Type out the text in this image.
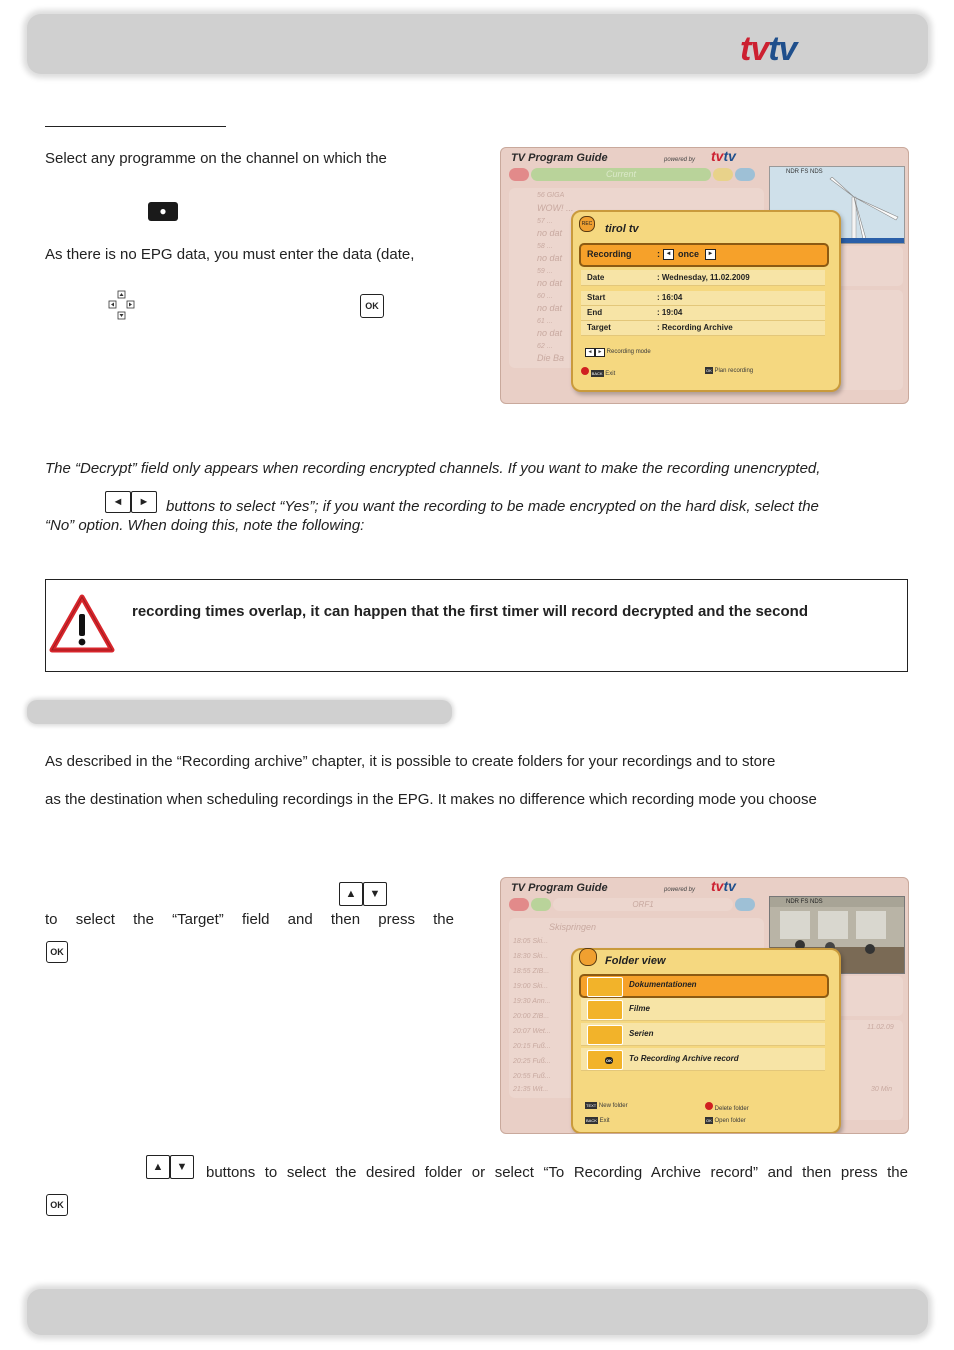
tvtv
Select any programme on the channel on which the
●
As there is no EPG data, you must enter the data (date,
OK
TV Program Guide	powered by tvtv
Current	NDR FS NDS
56 GIGA
WOW! ...
57 ...
no dat
58 ...
no dat
59 ...
no dat
60 ...
no dat
61 ...
no dat
62 ...
Die Ba
REC tirol tv
Recording	: ◄ once	►
Date	: Wednesday, 11.02.2009
Start	: 16:04
End	: 19:04
Target	: Recording Archive
◄ ► Recording mode
BACK Exit
OK Plan recording
The “Decrypt” field only appears when recording encrypted channels. If you want to make the recording unencrypted,
◄ ►	buttons to select “Yes”; if you want the recording to be made encrypted on the hard disk, select the
“No” option. When doing this, note the following:
recording times overlap, it can happen that the first timer will record decrypted and the second
As described in the “Recording archive” chapter, it is possible to create folders for your recordings and to store
as the destination when scheduling recordings in the EPG. It makes no difference which recording mode you choose
▲ ▼
to select the “Target” field and then press the
OK
TV Program Guide	powered by tvtv
ORF1	NDR FS NDS
Skispringen
18:05 Ski...
18:30 Ski...
18:55 ZIB...
19:00 Ski...
19:30 Ann...
20:00 ZIB...
20:07 Wet...
20:15 Fuß...
20:25 Fuß...
20:55 Fuß...
21:35 Wit...
11.02.09
30 Min
Folder view
Dokumentationen
Filme
Serien
OK To Recording Archive record
TEXT New folder	Delete folder
BACK Exit	OK Open folder
▲ ▼	buttons to select the desired folder or select “To Recording Archive record” and then press the
OK
